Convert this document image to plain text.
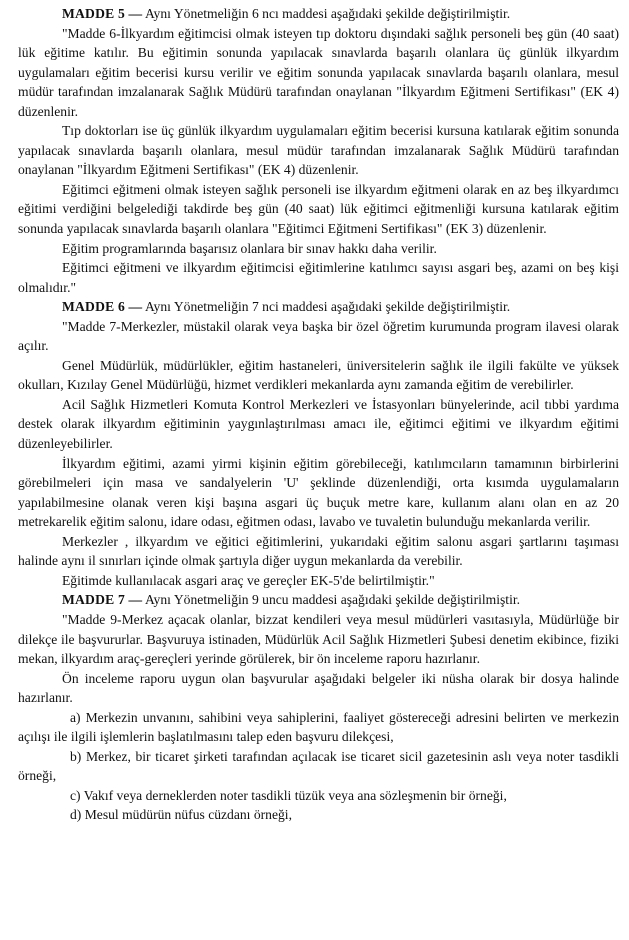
MADDE 5 — Aynı Yönetmeliğin 6 ncı maddesi aşağıdaki şekilde değiştirilmiştir.

"Madde 6-İlkyardım eğitimcisi olmak isteyen tıp doktoru dışındaki sağlık personeli beş gün (40 saat) lük eğitime katılır. Bu eğitimin sonunda yapılacak sınavlarda başarılı olanlara üç günlük ilkyardım uygulamaları eğitim becerisi kursu verilir ve eğitim sonunda yapılacak sınavlarda başarılı olanlara, mesul müdür tarafından imzalanarak Sağlık Müdürü tarafından onaylanan "İlkyardım Eğitmeni Sertifikası" (EK 4) düzenlenir.

Tıp doktorları ise üç günlük ilkyardım uygulamaları eğitim becerisi kursuna katılarak eğitim sonunda yapılacak sınavlarda başarılı olanlara, mesul müdür tarafından imzalanarak Sağlık Müdürü tarafından onaylanan "İlkyardım Eğitmeni Sertifikası" (EK 4) düzenlenir.

Eğitimci eğitmeni olmak isteyen sağlık personeli ise ilkyardım eğitmeni olarak en az beş ilkyardımcı eğitimi verdiğini belgelediği takdirde beş gün (40 saat) lük eğitimci eğitmenliği kursuna katılarak eğitim sonunda yapılacak sınavlarda başarılı olanlara "Eğitimci Eğitmeni Sertifikası" (EK 3) düzenlenir.

Eğitim programlarında başarısız olanlara bir sınav hakkı daha verilir.

Eğitimci eğitmeni ve ilkyardım eğitimcisi eğitimlerine katılımcı sayısı asgari beş, azami on beş kişi olmalıdır."

MADDE 6 — Aynı Yönetmeliğin 7 nci maddesi aşağıdaki şekilde değiştirilmiştir.

"Madde 7-Merkezler, müstakil olarak veya başka bir özel öğretim kurumunda program ilavesi olarak açılır.

Genel Müdürlük, müdürlükler, eğitim hastaneleri, üniversitelerin sağlık ile ilgili fakülte ve yüksek okulları, Kızılay Genel Müdürlüğü, hizmet verdikleri mekanlarda aynı zamanda eğitim de verebilirler.

Acil Sağlık Hizmetleri Komuta Kontrol Merkezleri ve İstasyonları bünyelerinde, acil tıbbi yardıma destek olarak ilkyardım eğitiminin yaygınlaştırılması amacı ile, eğitimci eğitimi ve ilkyardım eğitimi düzenleyebilirler.

İlkyardım eğitimi, azami yirmi kişinin eğitim görebileceği, katılımcıların tamamının birbirlerini görebilmeleri için masa ve sandalyelerin 'U' şeklinde düzenlendiği, orta kısımda uygulamaların yapılabilmesine olanak veren kişi başına asgari üç buçuk metre kare, kullanım alanı olan en az 20 metrekarelik eğitim salonu, idare odası, eğitmen odası, lavabo ve tuvaletin bulunduğu mekanlarda verilir.

Merkezler , ilkyardım ve eğitici eğitimlerini, yukarıdaki eğitim salonu asgari şartlarını taşıması halinde aynı il sınırları içinde olmak şartıyla diğer uygun mekanlarda da verebilir.

Eğitimde kullanılacak asgari araç ve gereçler EK-5'de belirtilmiştir."

MADDE 7 — Aynı Yönetmeliğin 9 uncu maddesi aşağıdaki şekilde değiştirilmiştir.

"Madde 9-Merkez açacak olanlar, bizzat kendileri veya mesul müdürleri vasıtasıyla, Müdürlüğe bir dilekçe ile başvururlar. Başvuruya istinaden, Müdürlük Acil Sağlık Hizmetleri Şubesi denetim ekibince, fiziki mekan, ilkyardım araç-gereçleri yerinde görülerek, bir ön inceleme raporu hazırlanır.

Ön inceleme raporu uygun olan başvurular aşağıdaki belgeler iki nüsha olarak bir dosya halinde hazırlanır.

a) Merkezin unvanını, sahibini veya sahiplerini, faaliyet göstereceği adresini belirten ve merkezin açılışı ile ilgili işlemlerin başlatılmasını talep eden başvuru dilekçesi,

b) Merkez, bir ticaret şirketi tarafından açılacak ise ticaret sicil gazetesinin aslı veya noter tasdikli örneği,

c) Vakıf veya derneklerden noter tasdikli tüzük veya ana sözleşmenin bir örneği,

d) Mesul müdürün nüfus cüzdanı örneği,
